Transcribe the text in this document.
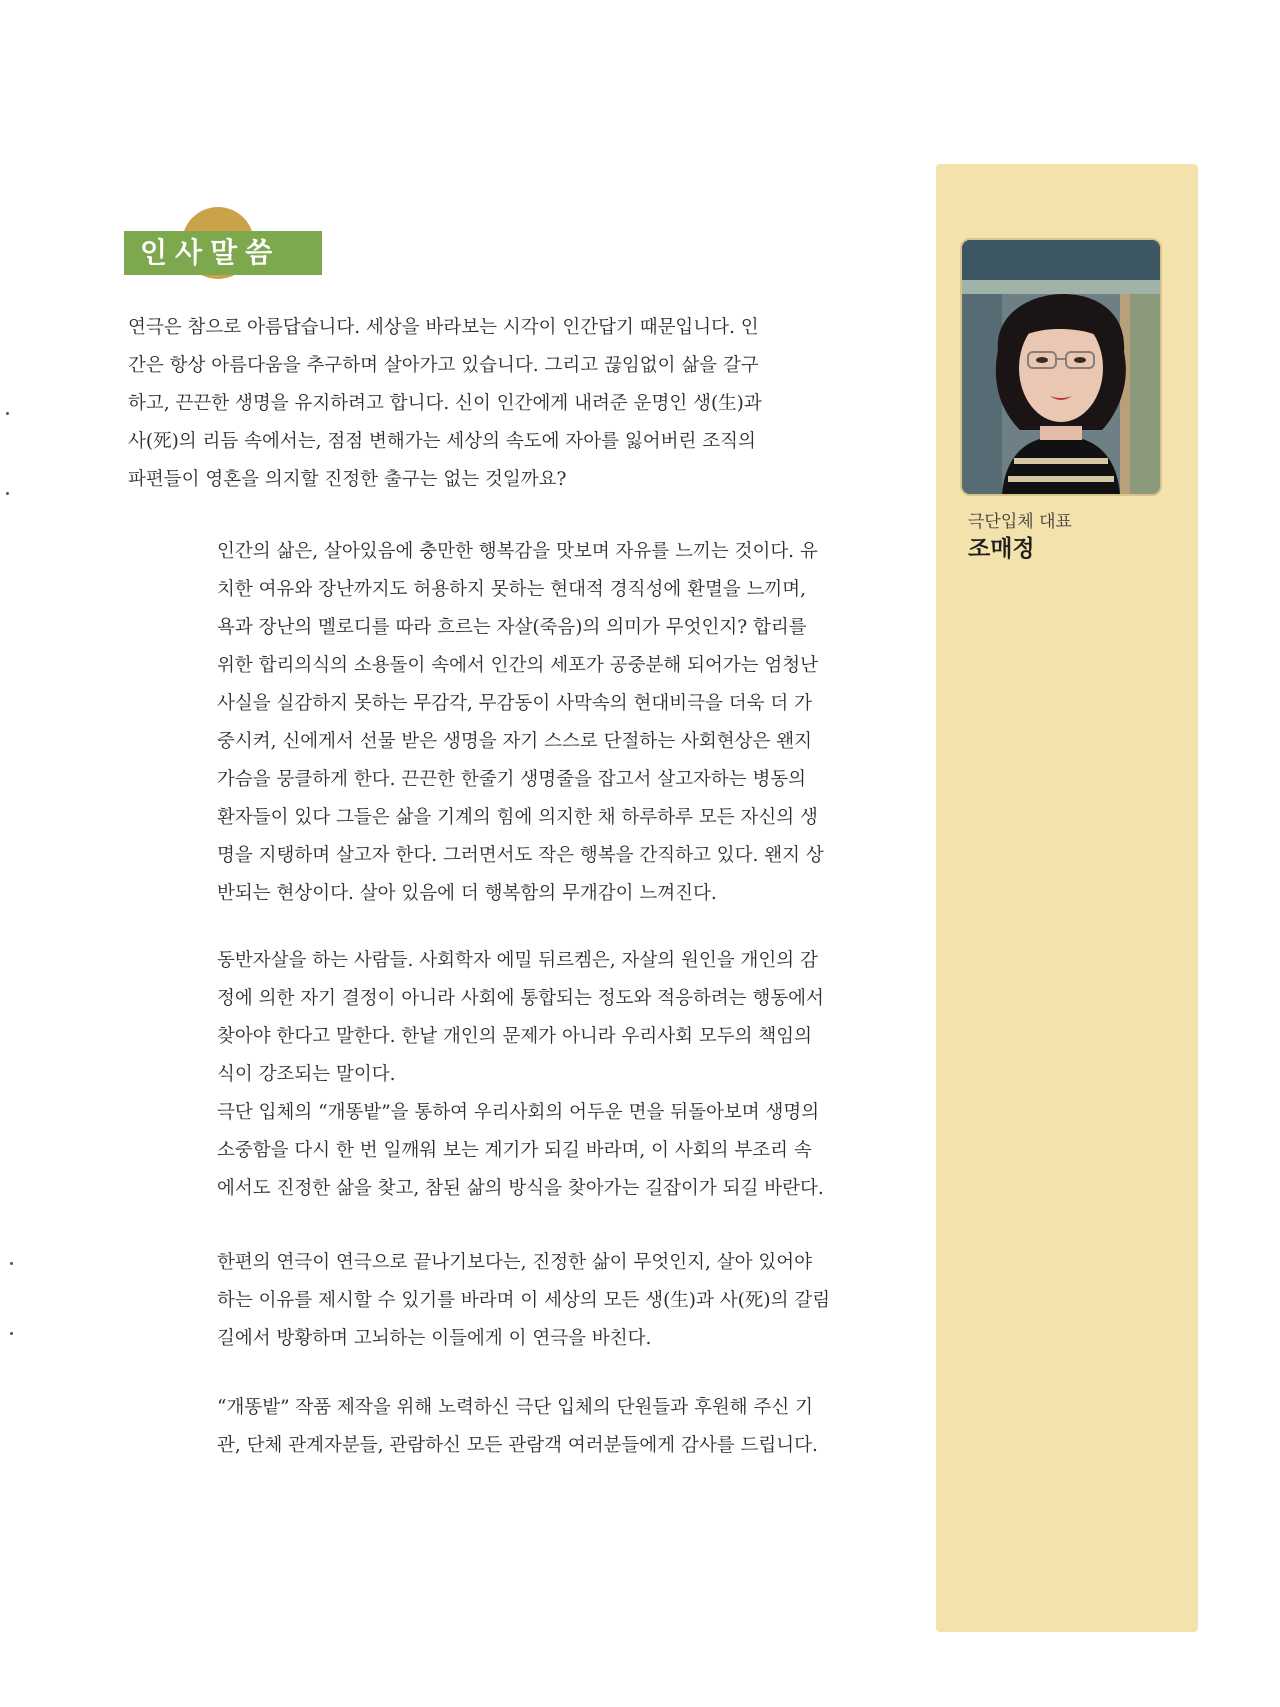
인사말씀

연극은 참으로 아름답습니다. 세상을 바라보는 시각이 인간답기 때문입니다. 인
간은 항상 아름다움을 추구하며 살아가고 있습니다. 그리고 끊임없이 삶을 갈구
하고, 끈끈한 생명을 유지하려고 합니다. 신이 인간에게 내려준 운명인 생(生)과
사(死)의 리듬 속에서는, 점점 변해가는 세상의 속도에 자아를 잃어버린 조직의
파편들이 영혼을 의지할 진정한 출구는 없는 것일까요?

인간의 삶은, 살아있음에 충만한 행복감을 맛보며 자유를 느끼는 것이다. 유
치한 여유와 장난까지도 허용하지 못하는 현대적 경직성에 환멸을 느끼며,
욕과 장난의 멜로디를 따라 흐르는 자살(죽음)의 의미가 무엇인지? 합리를
위한 합리의식의 소용돌이 속에서 인간의 세포가 공중분해 되어가는 엄청난
사실을 실감하지 못하는 무감각, 무감동이 사막속의 현대비극을 더욱 더 가
중시켜, 신에게서 선물 받은 생명을 자기 스스로 단절하는 사회현상은 왠지
가슴을 뭉클하게 한다. 끈끈한 한줄기 생명줄을 잡고서 살고자하는 병동의
환자들이 있다 그들은 삶을 기계의 힘에 의지한 채 하루하루 모든 자신의 생
명을 지탱하며 살고자 한다. 그러면서도 작은 행복을 간직하고 있다. 왠지 상
반되는 현상이다. 살아 있음에 더 행복함의 무개감이 느껴진다.

동반자살을 하는 사람들. 사회학자 에밀 뒤르켐은, 자살의 원인을 개인의 감
정에 의한 자기 결정이 아니라 사회에 통합되는 정도와 적응하려는 행동에서
찾아야 한다고 말한다. 한낱 개인의 문제가 아니라 우리사회 모두의 책임의
식이 강조되는 말이다.
극단 입체의 “개똥밭”을 통하여 우리사회의 어두운 면을 뒤돌아보며 생명의
소중함을 다시 한 번 일깨워 보는 계기가 되길 바라며, 이 사회의 부조리 속
에서도 진정한 삶을 찾고, 참된 삶의 방식을 찾아가는 길잡이가 되길 바란다.

한편의 연극이 연극으로 끝나기보다는, 진정한 삶이 무엇인지, 살아 있어야
하는 이유를 제시할 수 있기를 바라며 이 세상의 모든 생(生)과 사(死)의 갈림
길에서 방황하며 고뇌하는 이들에게 이 연극을 바친다.

“개똥밭” 작품 제작을 위해 노력하신 극단 입체의 단원들과 후원해 주신 기
관, 단체 관계자분들, 관람하신 모든 관람객 여러분들에게 감사를 드립니다.

극단입체 대표
조매정
